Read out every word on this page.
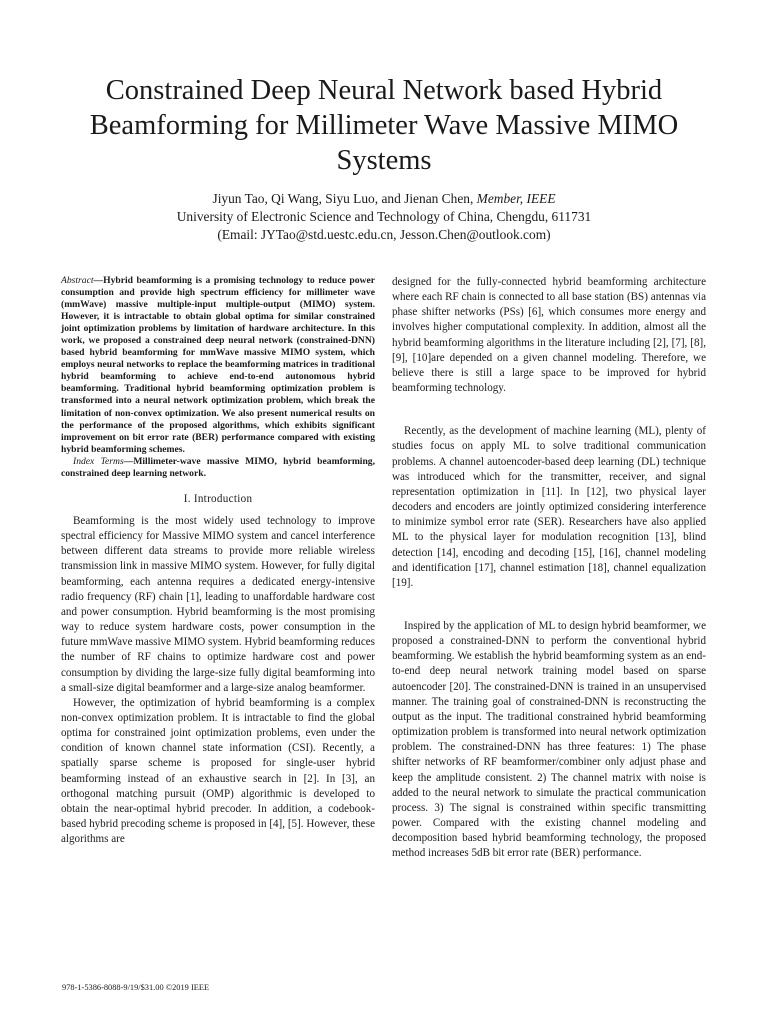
Constrained Deep Neural Network based Hybrid Beamforming for Millimeter Wave Massive MIMO Systems
Jiyun Tao, Qi Wang, Siyu Luo, and Jienan Chen, Member, IEEE
University of Electronic Science and Technology of China, Chengdu, 611731
(Email: JYTao@std.uestc.edu.cn, Jesson.Chen@outlook.com)

Abstract—Hybrid beamforming is a promising technology to reduce power consumption and provide high spectrum efficiency for millimeter wave (mmWave) massive multiple-input multiple-output (MIMO) system. However, it is intractable to obtain global optima for similar constrained joint optimization problems by limitation of hardware architecture. In this work, we proposed a constrained deep neural network (constrained-DNN) based hybrid beamforming for mmWave massive MIMO system, which employs neural networks to replace the beamforming matrices in traditional hybrid beamforming to achieve end-to-end autonomous hybrid beamforming. Traditional hybrid beamforming optimization problem is transformed into a neural network optimization problem, which break the limitation of non-convex optimization. We also present numerical results on the performance of the proposed algorithms, which exhibits significant improvement on bit error rate (BER) performance compared with existing hybrid beamforming schemes.

Index Terms—Millimeter-wave massive MIMO, hybrid beamforming, constrained deep learning network.

I. Introduction

Beamforming is the most widely used technology to improve spectral efficiency for Massive MIMO system and cancel interference between different data streams to provide more reliable wireless transmission link in massive MIMO system. However, for fully digital beamforming, each antenna requires a dedicated energy-intensive radio frequency (RF) chain [1], leading to unaffordable hardware cost and power consumption. Hybrid beamforming is the most promising way to reduce system hardware costs, power consumption in the future mmWave massive MIMO system. Hybrid beamforming reduces the number of RF chains to optimize hardware cost and power consumption by dividing the large-size fully digital beamforming into a small-size digital beamformer and a large-size analog beamformer.

However, the optimization of hybrid beamforming is a complex non-convex optimization problem. It is intractable to find the global optima for constrained joint optimization problems, even under the condition of known channel state information (CSI). Recently, a spatially sparse scheme is proposed for single-user hybrid beamforming instead of an exhaustive search in [2]. In [3], an orthogonal matching pursuit (OMP) algorithmic is developed to obtain the near-optimal hybrid precoder. In addition, a codebook-based hybrid precoding scheme is proposed in [4], [5]. However, these algorithms are

designed for the fully-connected hybrid beamforming architecture where each RF chain is connected to all base station (BS) antennas via phase shifter networks (PSs) [6], which consumes more energy and involves higher computational complexity. In addition, almost all the hybrid beamforming algorithms in the literature including [2], [7], [8], [9], [10]are depended on a given channel modeling. Therefore, we believe there is still a large space to be improved for hybrid beamforming technology.

Recently, as the development of machine learning (ML), plenty of studies focus on apply ML to solve traditional communication problems. A channel autoencoder-based deep learning (DL) technique was introduced which for the transmitter, receiver, and signal representation optimization in [11]. In [12], two physical layer decoders and encoders are jointly optimized considering interference to minimize symbol error rate (SER). Researchers have also applied ML to the physical layer for modulation recognition [13], blind detection [14], encoding and decoding [15], [16], channel modeling and identification [17], channel estimation [18], channel equalization [19].

Inspired by the application of ML to design hybrid beamformer, we proposed a constrained-DNN to perform the conventional hybrid beamforming. We establish the hybrid beamforming system as an end-to-end deep neural network training model based on sparse autoencoder [20]. The constrained-DNN is trained in an unsupervised manner. The training goal of constrained-DNN is reconstructing the output as the input. The traditional constrained hybrid beamforming optimization problem is transformed into neural network optimization problem. The constrained-DNN has three features: 1) The phase shifter networks of RF beamformer/combiner only adjust phase and keep the amplitude consistent. 2) The channel matrix with noise is added to the neural network to simulate the practical communication process. 3) The signal is constrained within specific transmitting power. Compared with the existing channel modeling and decomposition based hybrid beamforming technology, the proposed method increases 5dB bit error rate (BER) performance.

978-1-5386-8088-9/19/$31.00 ©2019 IEEE
